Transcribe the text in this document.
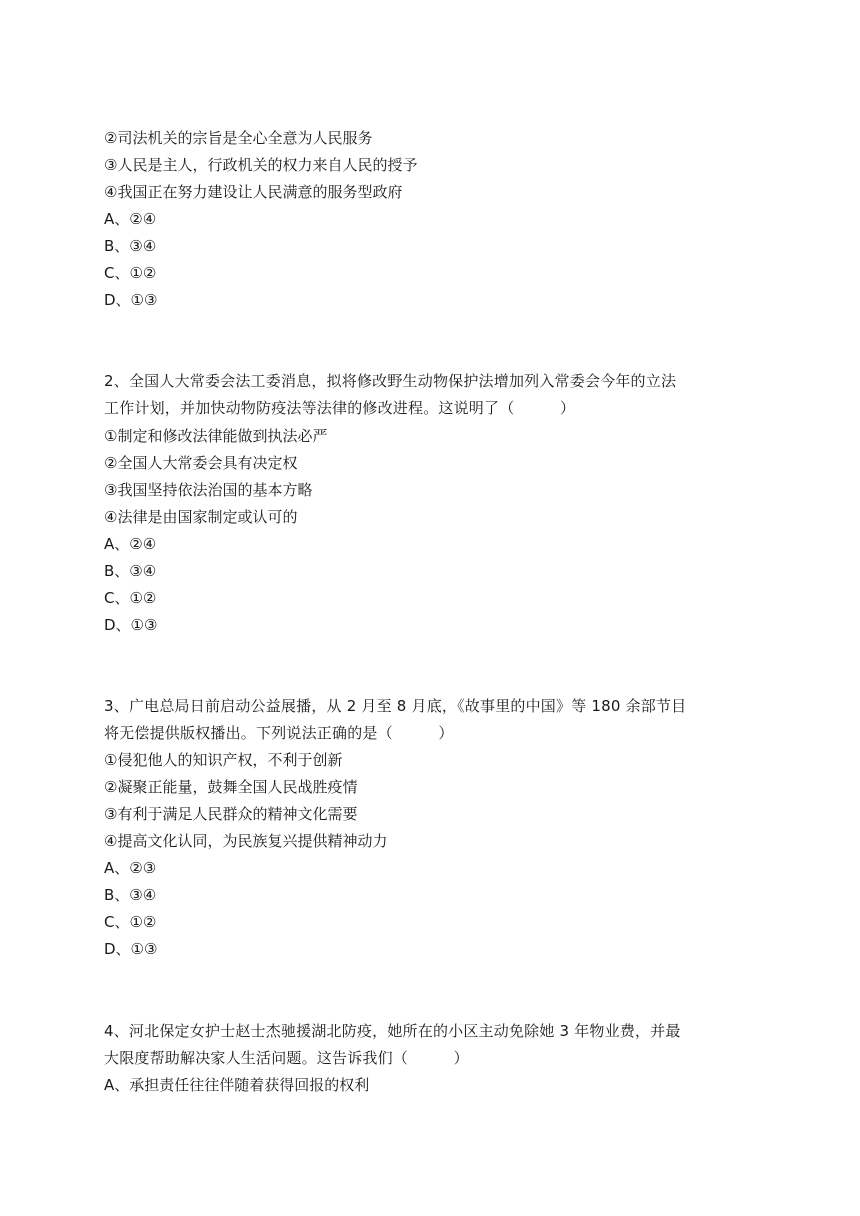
②司法机关的宗旨是全心全意为人民服务
③人民是主人，行政机关的权力来自人民的授予
④我国正在努力建设让人民满意的服务型政府
A、②④
B、③④
C、①②
D、①③
2、全国人大常委会法工委消息，拟将修改野生动物保护法增加列入常委会今年的立法
工作计划，并加快动物防疫法等法律的修改进程。这说明了（　　　）
①制定和修改法律能做到执法必严
②全国人大常委会具有决定权
③我国坚持依法治国的基本方略
④法律是由国家制定或认可的
A、②④
B、③④
C、①②
D、①③
3、广电总局日前启动公益展播，从 2 月至 8 月底，《故事里的中国》等 180 余部节目
将无偿提供版权播出。下列说法正确的是（　　　）
①侵犯他人的知识产权，不利于创新
②凝聚正能量，鼓舞全国人民战胜疫情
③有利于满足人民群众的精神文化需要
④提高文化认同，为民族复兴提供精神动力
A、②③
B、③④
C、①②
D、①③
4、河北保定女护士赵士杰驰援湖北防疫，她所在的小区主动免除她 3 年物业费，并最
大限度帮助解决家人生活问题。这告诉我们（　　　）
A、承担责任往往伴随着获得回报的权利
